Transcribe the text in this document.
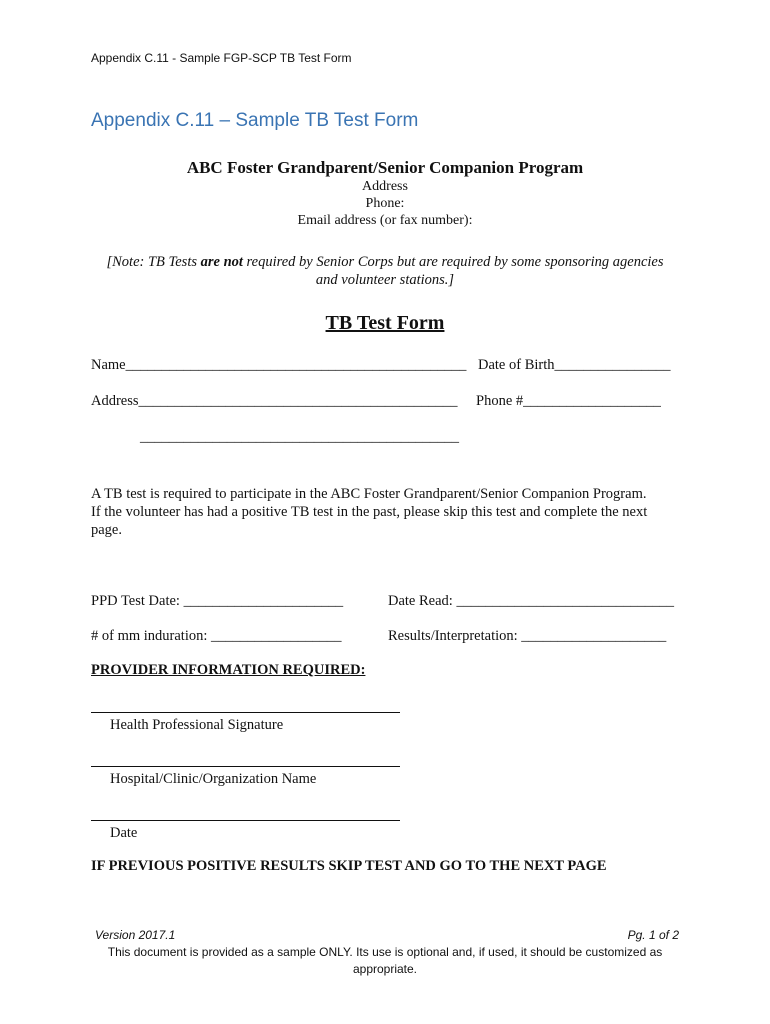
Appendix C.11 - Sample FGP-SCP TB Test Form
Appendix C.11 – Sample TB Test Form
ABC Foster Grandparent/Senior Companion Program
Address
Phone:
Email address (or fax number):
[Note: TB Tests are not required by Senior Corps but are required by some sponsoring agencies
and volunteer stations.]
TB Test Form
Name_______________________________________________ Date of Birth________________
Address____________________________________________ Phone #___________________
____________________________________________
A TB test is required to participate in the ABC Foster Grandparent/Senior Companion Program.
If the volunteer has had a positive TB test in the past, please skip this test and complete the next
page.
PPD Test Date: ______________________	Date Read: ______________________________
# of mm induration: __________________	Results/Interpretation: ____________________
PROVIDER INFORMATION REQUIRED:
Health Professional Signature
Hospital/Clinic/Organization Name
Date
IF PREVIOUS POSITIVE RESULTS SKIP TEST AND GO TO THE NEXT PAGE
Version 2017.1	Pg. 1 of 2
This document is provided as a sample ONLY. Its use is optional and, if used, it should be customized as
appropriate.
